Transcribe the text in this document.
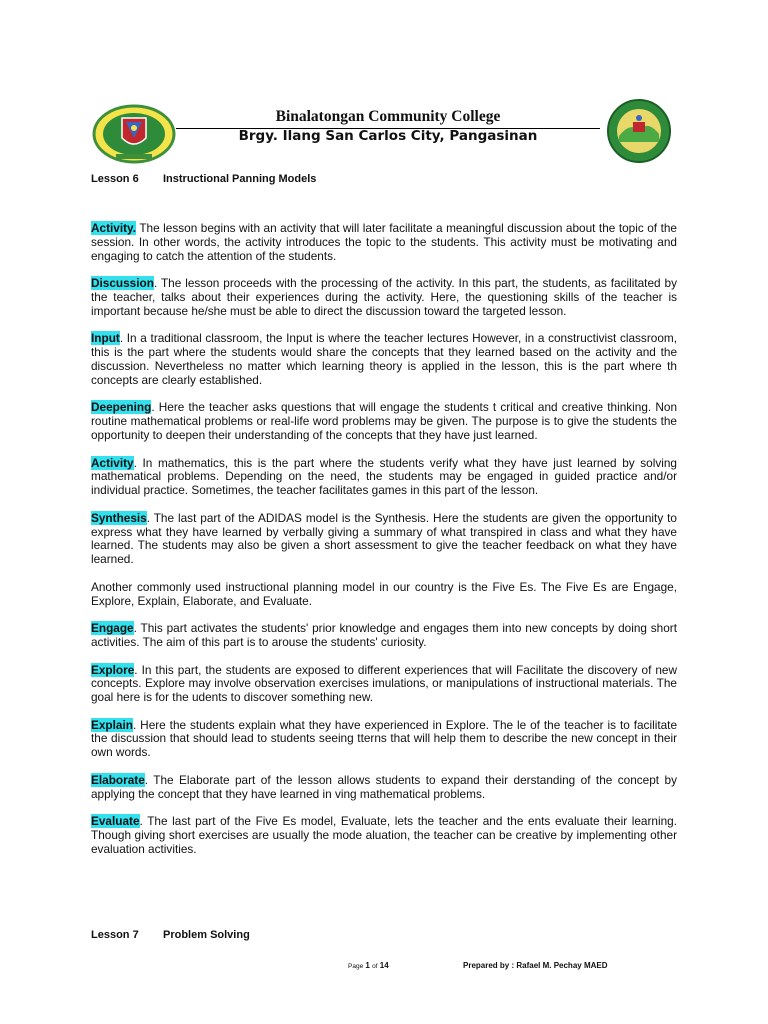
Binalatongan Community College
Brgy. Ilang San Carlos City, Pangasinan
Lesson 6 Instructional Panning Models

Activity. The lesson begins with an activity that will later facilitate a meaningful discussion about the topic of the session. In other words, the activity introduces the topic to the students. This activity must be motivating and engaging to catch the attention of the students.

Discussion. The lesson proceeds with the processing of the activity. In this part, the students, as facilitated by the teacher, talks about their experiences during the activity. Here, the questioning skills of the teacher is important because he/she must be able to direct the discussion toward the targeted lesson.

Input. In a traditional classroom, the Input is where the teacher lectures However, in a constructivist classroom, this is the part where the students would share the concepts that they learned based on the activity and the discussion. Nevertheless no matter which learning theory is applied in the lesson, this is the part where th concepts are clearly established.

Deepening. Here the teacher asks questions that will engage the students t critical and creative thinking. Non routine mathematical problems or real-life word problems may be given. The purpose is to give the students the opportunity to deepen their understanding of the concepts that they have just learned.

Activity. In mathematics, this is the part where the students verify what they have just learned by solving mathematical problems. Depending on the need, the students may be engaged in guided practice and/or individual practice. Sometimes, the teacher facilitates games in this part of the lesson.

Synthesis. The last part of the ADIDAS model is the Synthesis. Here the students are given the opportunity to express what they have learned by verbally giving a summary of what transpired in class and what they have learned. The students may also be given a short assessment to give the teacher feedback on what they have learned.

Another commonly used instructional planning model in our country is the Five Es. The Five Es are Engage, Explore, Explain, Elaborate, and Evaluate.

Engage. This part activates the students' prior knowledge and engages them into new concepts by doing short activities. The aim of this part is to arouse the students' curiosity.

Explore. In this part, the students are exposed to different experiences that will Facilitate the discovery of new concepts. Explore may involve observation exercises imulations, or manipulations of instructional materials. The goal here is for the udents to discover something new.

Explain. Here the students explain what they have experienced in Explore. The le of the teacher is to facilitate the discussion that should lead to students seeing tterns that will help them to describe the new concept in their own words.

Elaborate. The Elaborate part of the lesson allows students to expand their derstanding of the concept by applying the concept that they have learned in ving mathematical problems.

Evaluate. The last part of the Five Es model, Evaluate, lets the teacher and the ents evaluate their learning. Though giving short exercises are usually the mode aluation, the teacher can be creative by implementing other evaluation activities.

Lesson 7 Problem Solving
Page 1 of 14	Prepared by : Rafael M. Pechay MAED
